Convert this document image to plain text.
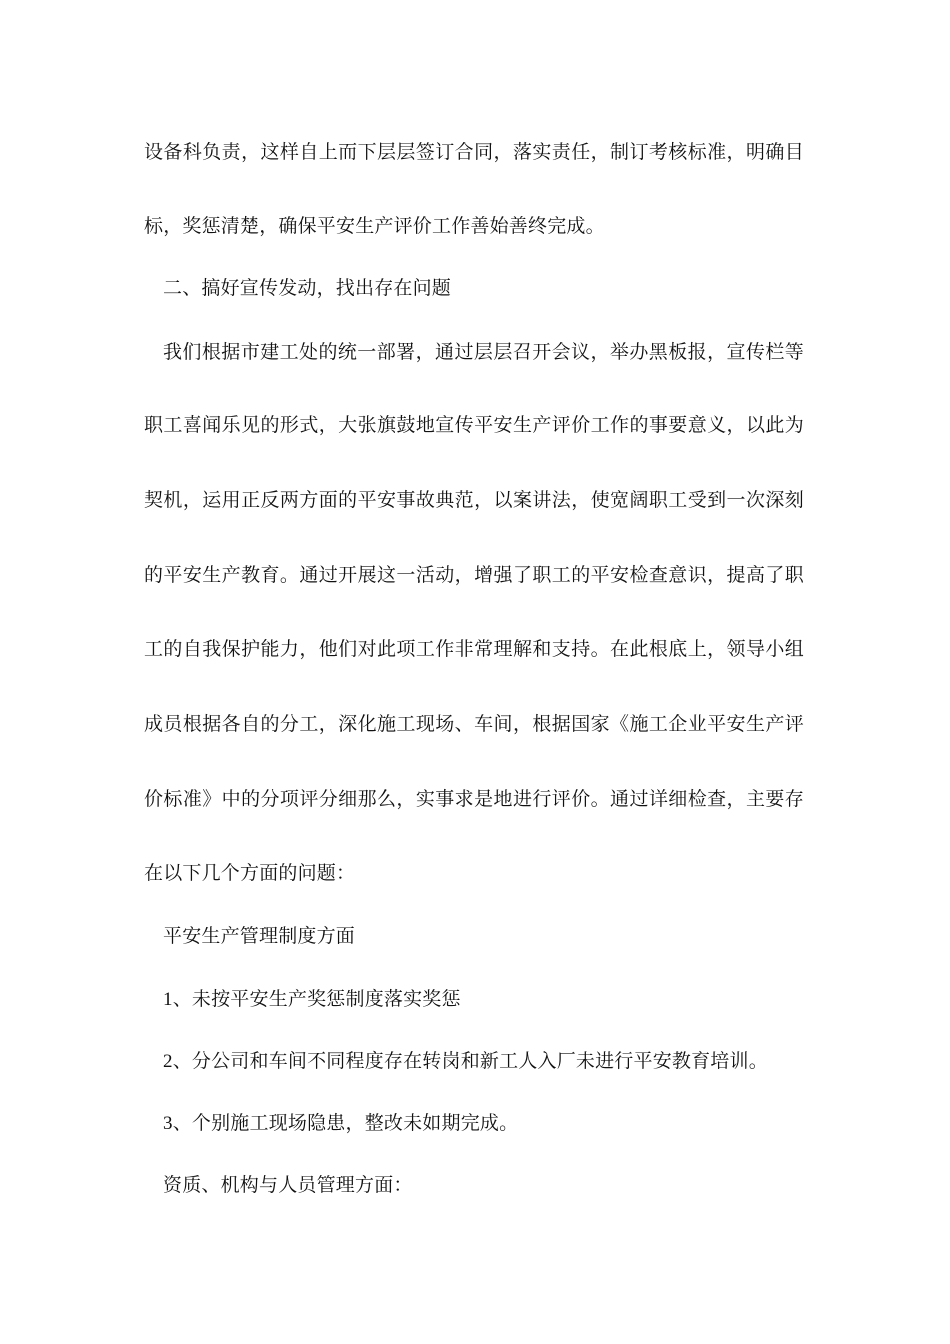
设备科负责，这样自上而下层层签订合同，落实责任，制订考核标准，明确目
标，奖惩清楚，确保平安生产评价工作善始善终完成。
二、搞好宣传发动，找出存在问题
我们根据市建工处的统一部署，通过层层召开会议，举办黑板报，宣传栏等
职工喜闻乐见的形式，大张旗鼓地宣传平安生产评价工作的事要意义，以此为
契机，运用正反两方面的平安事故典范，以案讲法，使宽阔职工受到一次深刻
的平安生产教育。通过开展这一活动，增强了职工的平安检查意识，提高了职
工的自我保护能力，他们对此项工作非常理解和支持。在此根底上，领导小组
成员根据各自的分工，深化施工现场、车间，根据国家《施工企业平安生产评
价标准》中的分项评分细那么，实事求是地进行评价。通过详细检查，主要存
在以下几个方面的问题：
平安生产管理制度方面
1、未按平安生产奖惩制度落实奖惩
2、分公司和车间不同程度存在转岗和新工人入厂未进行平安教育培训。
3、个别施工现场隐患，整改未如期完成。
资质、机构与人员管理方面：
